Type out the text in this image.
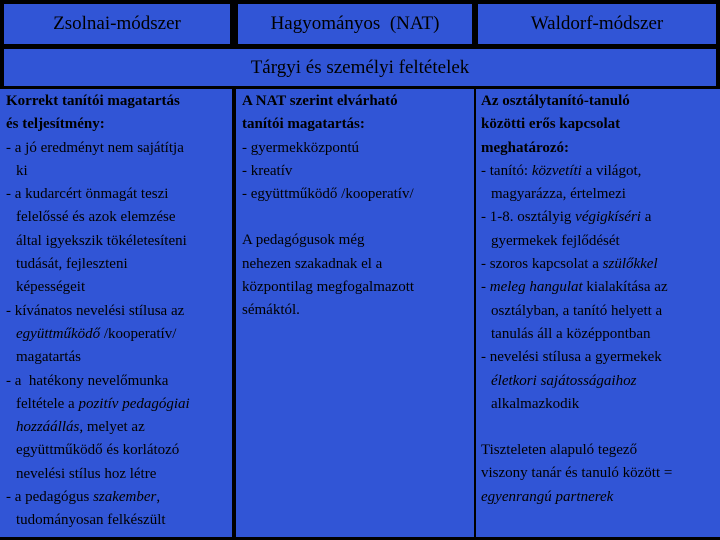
Zsolnai-módszer	Hagyományos  (NAT)	Waldorf-módszer
Tárgyi és személyi feltételek

Korrekt tanítói magatartás

és teljesítmény:

- a jó eredményt nem sajátítja

ki

- a kudarcért önmagát teszi

felelőssé és azok elemzése

által igyekszik tökéletesíteni

tudását, fejleszteni

képességeit

- kívánatos nevelési stílusa az

együttműködő /kooperatív/

magatartás

- a  hatékony nevelőmunka

feltétele a pozitív pedagógiai

hozzáállás, melyet az

együttműködő és korlátozó

nevelési stílus hoz létre

- a pedagógus szakember,

tudományosan felkészült

A NAT szerint elvárható

tanítói magatartás:

- gyermekközpontú

- kreatív

- együttműködő /kooperatív/

A pedagógusok még

nehezen szakadnak el a

központilag megfogalmazott

sémáktól.

Az osztálytanító-tanuló

közötti erős kapcsolat

meghatározó:

- tanító: közvetíti a világot,

magyarázza, értelmezi

- 1-8. osztályig végigkíséri a

gyermekek fejlődését

- szoros kapcsolat a szülőkkel

- meleg hangulat kialakítása az

osztályban, a tanító helyett a

tanulás áll a középpontban

- nevelési stílusa a gyermekek

életkori sajátosságaihoz

alkalmazkodik

Tiszteleten alapuló tegező

viszony tanár és tanuló között =

egyenrangú partnerek
